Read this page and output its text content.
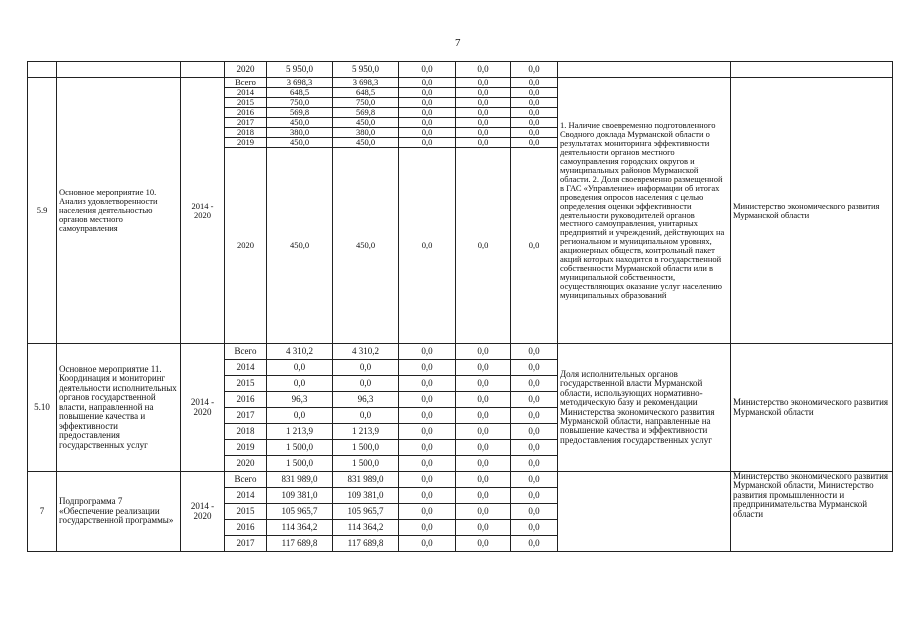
7
			2020	5 950,0	5 950,0	0,0	0,0	0,0		
5.9	Основное мероприятие 10. Анализ удовлетворенности населения деятельностью органов местного самоуправления	2014 - 2020	Всего	3 698,3	3 698,3	0,0	0,0	0,0	1. Наличие своевременно подготовленного Сводного доклада Мурманской области о результатах мониторинга эффективности деятельности органов местного самоуправления городских округов и муниципальных районов Мурманской области. 2. Доля своевременно размещенной в ГАС «Управление» информации об итогах проведения опросов населения с целью определения оценки эффективности деятельности руководителей органов местного самоуправления, унитарных предприятий и учреждений, действующих на региональном и муниципальном уровнях, акционерных обществ, контрольный пакет акций которых находится в государственной собственности Мурманской области или в муниципальной собственности, осуществляющих оказание услуг населению муниципальных образований	Министерство экономического развития Мурманской области

			2014	648,5	648,5	0,0	0,0	0,0		
			2015	750,0	750,0	0,0	0,0	0,0		
			2016	569,8	569,8	0,0	0,0	0,0		
			2017	450,0	450,0	0,0	0,0	0,0		
			2018	380,0	380,0	0,0	0,0	0,0		
			2019	450,0	450,0	0,0	0,0	0,0		
			2020	450,0	450,0	0,0	0,0	0,0		
5.10	Основное мероприятие 11. Координация и мониторинг деятельности исполнительных органов государственной власти, направленной на повышение качества и эффективности предоставления государственных услуг	2014 - 2020	Всего	4 310,2	4 310,2	0,0	0,0	0,0	Доля исполнительных органов государственной власти Мурманской области, использующих нормативно-методическую базу и рекомендации Министерства экономического развития Мурманской области, направленные на повышение качества и эффективности предоставления государственных услуг	Министерство экономического развития Мурманской области

			2014	0,0	0,0	0,0	0,0	0,0		
			2015	0,0	0,0	0,0	0,0	0,0		
			2016	96,3	96,3	0,0	0,0	0,0		
			2017	0,0	0,0	0,0	0,0	0,0		
			2018	1 213,9	1 213,9	0,0	0,0	0,0		
			2019	1 500,0	1 500,0	0,0	0,0	0,0		
			2020	1 500,0	1 500,0	0,0	0,0	0,0		
7	Подпрограмма 7 «Обеспечение реализации государственной программы»	2014 - 2020	Всего	831 989,0	831 989,0	0,0	0,0	0,0		Министерство экономического развития Мурманской области, Министерство развития промышленности и предпринимательства Мурманской области

			2014	109 381,0	109 381,0	0,0	0,0	0,0		
			2015	105 965,7	105 965,7	0,0	0,0	0,0		
			2016	114 364,2	114 364,2	0,0	0,0	0,0		
			2017	117 689,8	117 689,8	0,0	0,0	0,0		
